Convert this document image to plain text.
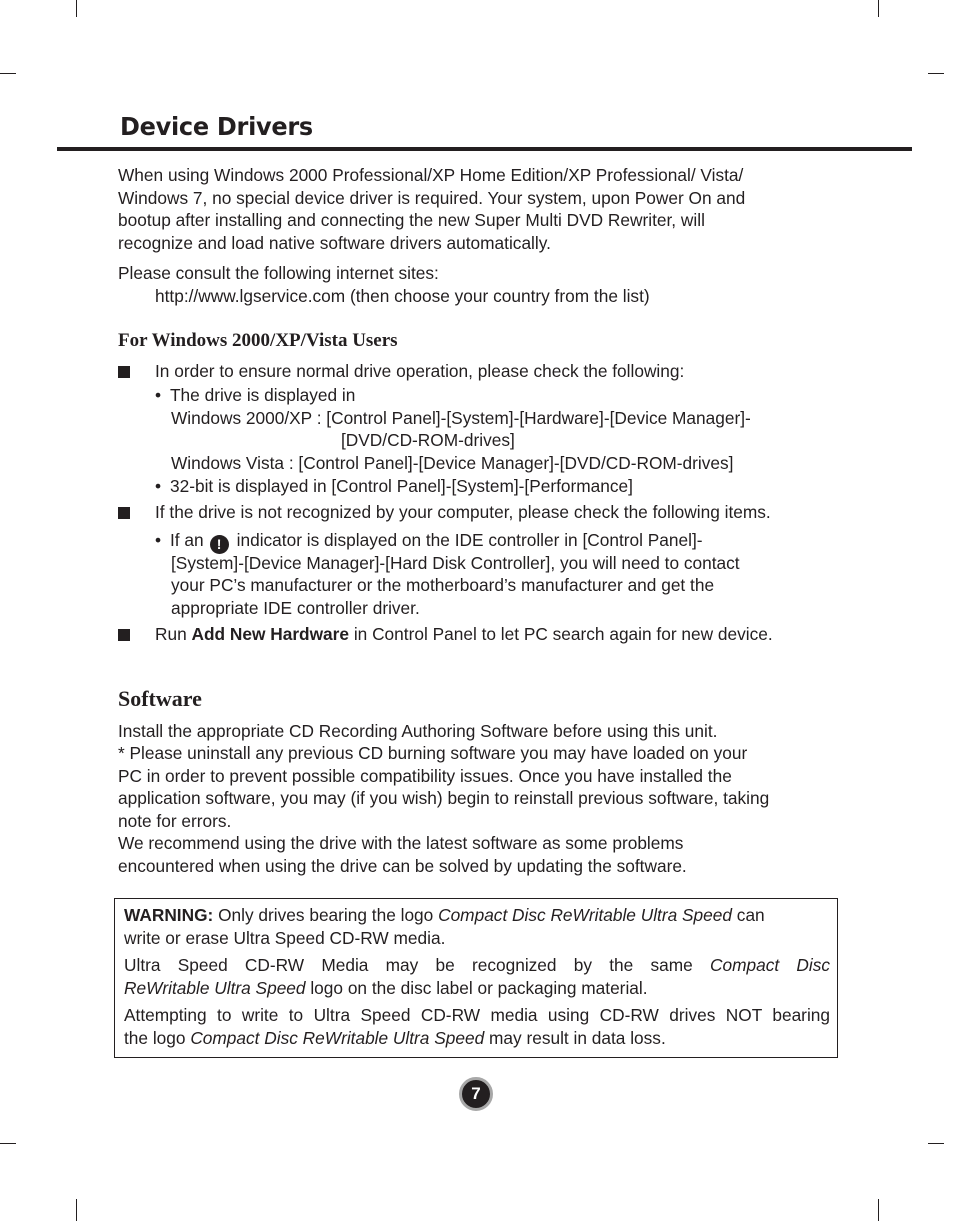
Device Drivers
When using Windows 2000 Professional/XP Home Edition/XP Professional/ Vista/
Windows 7, no special device driver is required. Your system, upon Power On and
bootup after installing and connecting the new Super Multi DVD Rewriter, will
recognize and load native software drivers automatically.
Please consult the following internet sites:
http://www.lgservice.com (then choose your country from the list)
For Windows 2000/XP/Vista Users
In order to ensure normal drive operation, please check the following:
• The drive is displayed in
Windows 2000/XP : [Control Panel]-[System]-[Hardware]-[Device Manager]-
[DVD/CD-ROM-drives]
Windows Vista : [Control Panel]-[Device Manager]-[DVD/CD-ROM-drives]
• 32-bit is displayed in [Control Panel]-[System]-[Performance]
If the drive is not recognized by your computer, please check the following items.
• If an ! indicator is displayed on the IDE controller in [Control Panel]-
[System]-[Device Manager]-[Hard Disk Controller], you will need to contact
your PC’s manufacturer or the motherboard’s manufacturer and get the
appropriate IDE controller driver.
Run Add New Hardware in Control Panel to let PC search again for new device.
Software
Install the appropriate CD Recording Authoring Software before using this unit.
* Please uninstall any previous CD burning software you may have loaded on your
PC in order to prevent possible compatibility issues. Once you have installed the
application software, you may (if you wish) begin to reinstall previous software, taking
note for errors.
We recommend using the drive with the latest software as some problems
encountered when using the drive can be solved by updating the software.
WARNING: Only drives bearing the logo Compact Disc ReWritable Ultra Speed can
write or erase Ultra Speed CD-RW media.
Ultra Speed CD-RW Media may be recognized by the same Compact Disc
ReWritable Ultra Speed logo on the disc label or packaging material.
Attempting to write to Ultra Speed CD-RW media using CD-RW drives NOT bearing
the logo Compact Disc ReWritable Ultra Speed may result in data loss.
7
